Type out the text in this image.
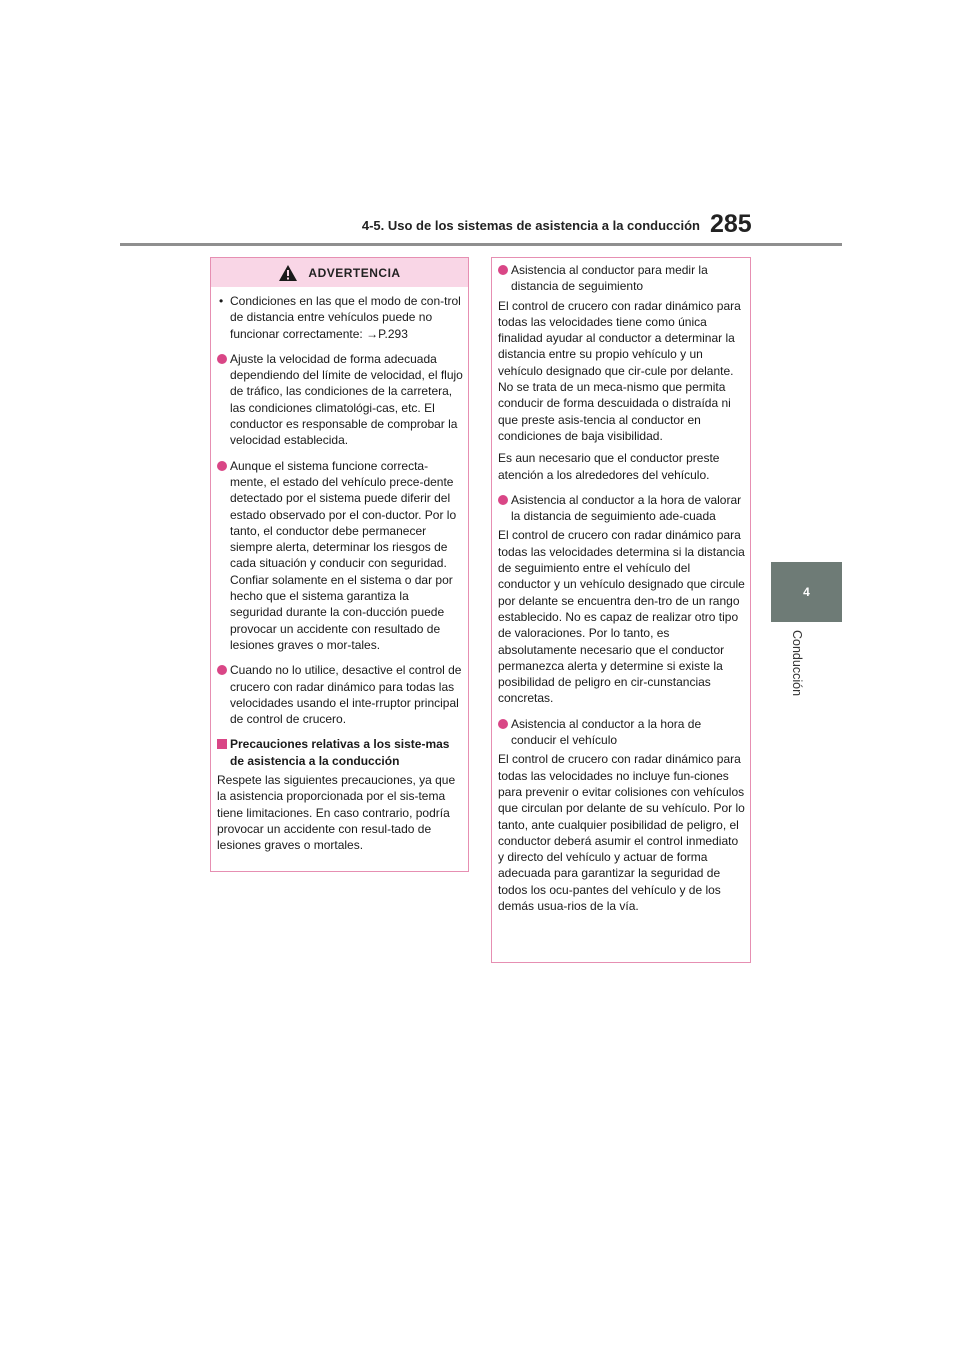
4-5. Uso de los sistemas de asistencia a la conducción 285
4
Conducción
ADVERTENCIA
• Condiciones en las que el modo de con-trol de distancia entre vehículos puede no funcionar correctamente: →P.293
Ajuste la velocidad de forma adecuada dependiendo del límite de velocidad, el flujo de tráfico, las condiciones de la carretera, las condiciones climatológi-cas, etc. El conductor es responsable de comprobar la velocidad establecida.
Aunque el sistema funcione correcta-mente, el estado del vehículo prece-dente detectado por el sistema puede diferir del estado observado por el con-ductor. Por lo tanto, el conductor debe permanecer siempre alerta, determinar los riesgos de cada situación y conducir con seguridad. Confiar solamente en el sistema o dar por hecho que el sistema garantiza la seguridad durante la con-ducción puede provocar un accidente con resultado de lesiones graves o mor-tales.
Cuando no lo utilice, desactive el control de crucero con radar dinámico para todas las velocidades usando el inte-rruptor principal de control de crucero.
Precauciones relativas a los siste-mas de asistencia a la conducción
Respete las siguientes precauciones, ya que la asistencia proporcionada por el sis-tema tiene limitaciones. En caso contrario, podría provocar un accidente con resul-tado de lesiones graves o mortales.
Asistencia al conductor para medir la distancia de seguimiento
El control de crucero con radar dinámico para todas las velocidades tiene como única finalidad ayudar al conductor a determinar la distancia entre su propio vehículo y un vehículo designado que cir-cule por delante. No se trata de un meca-nismo que permita conducir de forma descuidada o distraída ni que preste asis-tencia al conductor en condiciones de baja visibilidad.
Es aun necesario que el conductor preste atención a los alrededores del vehículo.
Asistencia al conductor a la hora de valorar la distancia de seguimiento ade-cuada
El control de crucero con radar dinámico para todas las velocidades determina si la distancia de seguimiento entre el vehículo del conductor y un vehículo designado que circule por delante se encuentra den-tro de un rango establecido. No es capaz de realizar otro tipo de valoraciones. Por lo tanto, es absolutamente necesario que el conductor permanezca alerta y determine si existe la posibilidad de peligro en cir-cunstancias concretas.
Asistencia al conductor a la hora de conducir el vehículo
El control de crucero con radar dinámico para todas las velocidades no incluye fun-ciones para prevenir o evitar colisiones con vehículos que circulan por delante de su vehículo. Por lo tanto, ante cualquier posibilidad de peligro, el conductor deberá asumir el control inmediato y directo del vehículo y actuar de forma adecuada para garantizar la seguridad de todos los ocu-pantes del vehículo y de los demás usua-rios de la vía.
